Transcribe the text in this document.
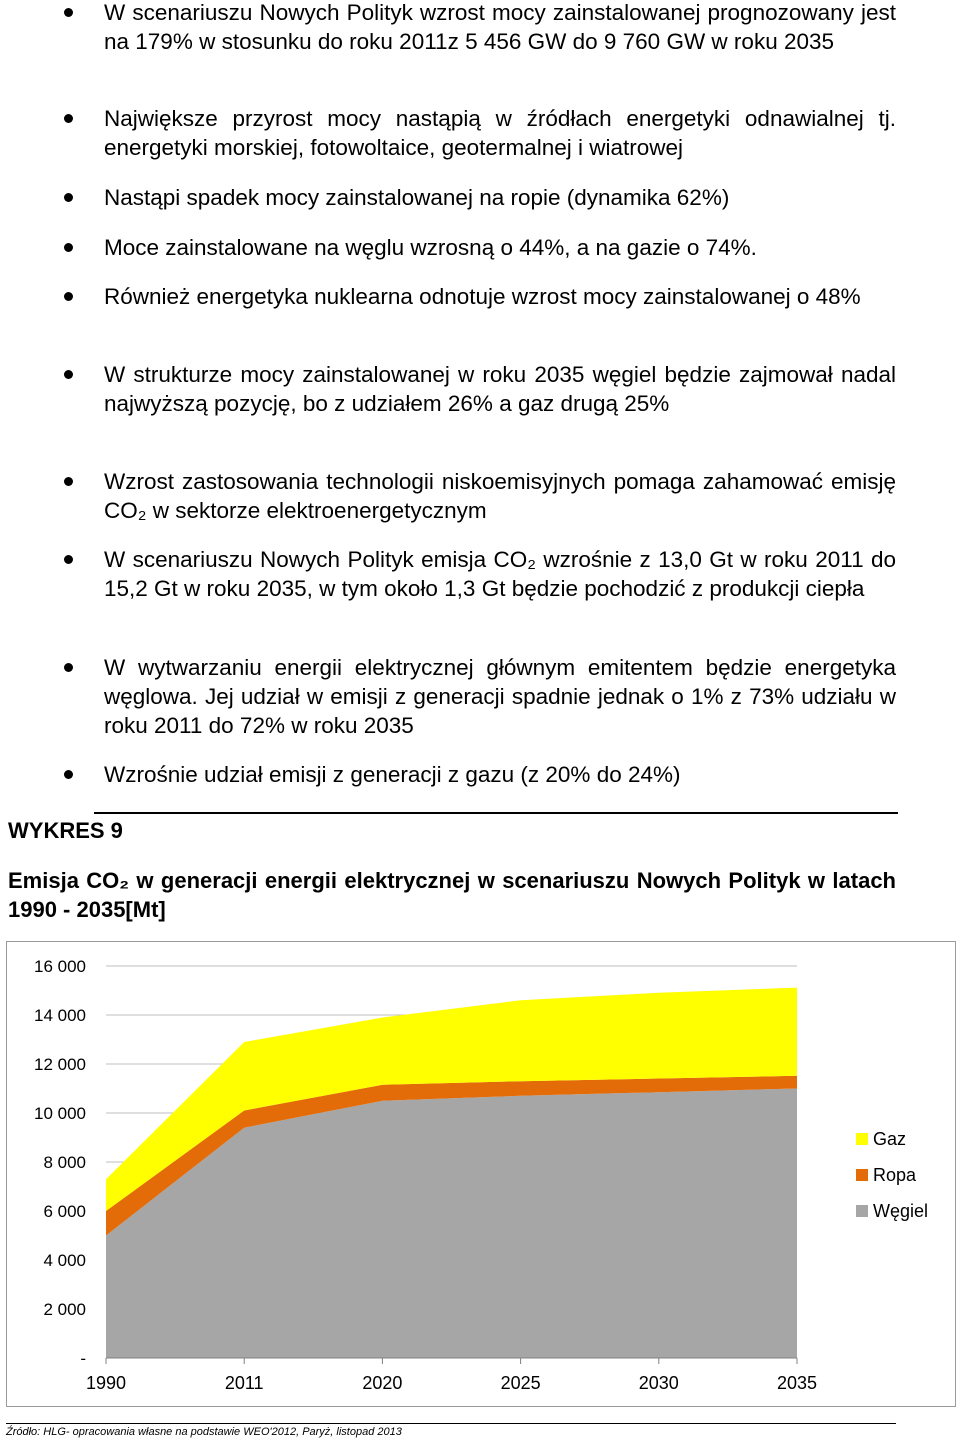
W scenariuszu Nowych Polityk wzrost mocy zainstalowanej prognozowany jest na 179% w stosunku do roku 2011z 5 456 GW do 9 760 GW w roku 2035
Największe przyrost mocy nastąpią w źródłach energetyki odnawialnej tj. energetyki morskiej, fotowoltaice, geotermalnej i wiatrowej
Nastąpi spadek mocy zainstalowanej na ropie (dynamika 62%)
Moce zainstalowane na węglu wzrosną o 44%, a na gazie o 74%.
Również energetyka nuklearna odnotuje wzrost mocy zainstalowanej o 48%
W strukturze mocy zainstalowanej w roku 2035 węgiel będzie zajmował nadal najwyższą pozycję, bo z udziałem 26% a gaz drugą 25%
Wzrost zastosowania technologii niskoemisyjnych pomaga zahamować emisję CO₂ w sektorze elektroenergetycznym
W scenariuszu Nowych Polityk emisja CO₂ wzrośnie z 13,0 Gt w roku 2011 do 15,2 Gt w roku 2035, w tym około 1,3 Gt będzie pochodzić z produkcji ciepła
W wytwarzaniu energii elektrycznej głównym emitentem będzie energetyka węglowa. Jej udział w emisji z generacji spadnie jednak o 1% z 73% udziału w roku 2011 do 72% w roku 2035
Wzrośnie udział emisji z generacji z gazu (z 20% do 24%)
WYKRES 9
Emisja CO₂ w generacji energii elektrycznej w scenariuszu Nowych Polityk w latach 1990 - 2035[Mt]
-
2 000
4 000
6 000
8 000
10 000
12 000
14 000
16 000
1990	2011	2020	2025	2030	2035
Gaz
Ropa
Węgiel
Źródło: HLG- opracowania własne na podstawie WEO'2012, Paryż, listopad 2013
